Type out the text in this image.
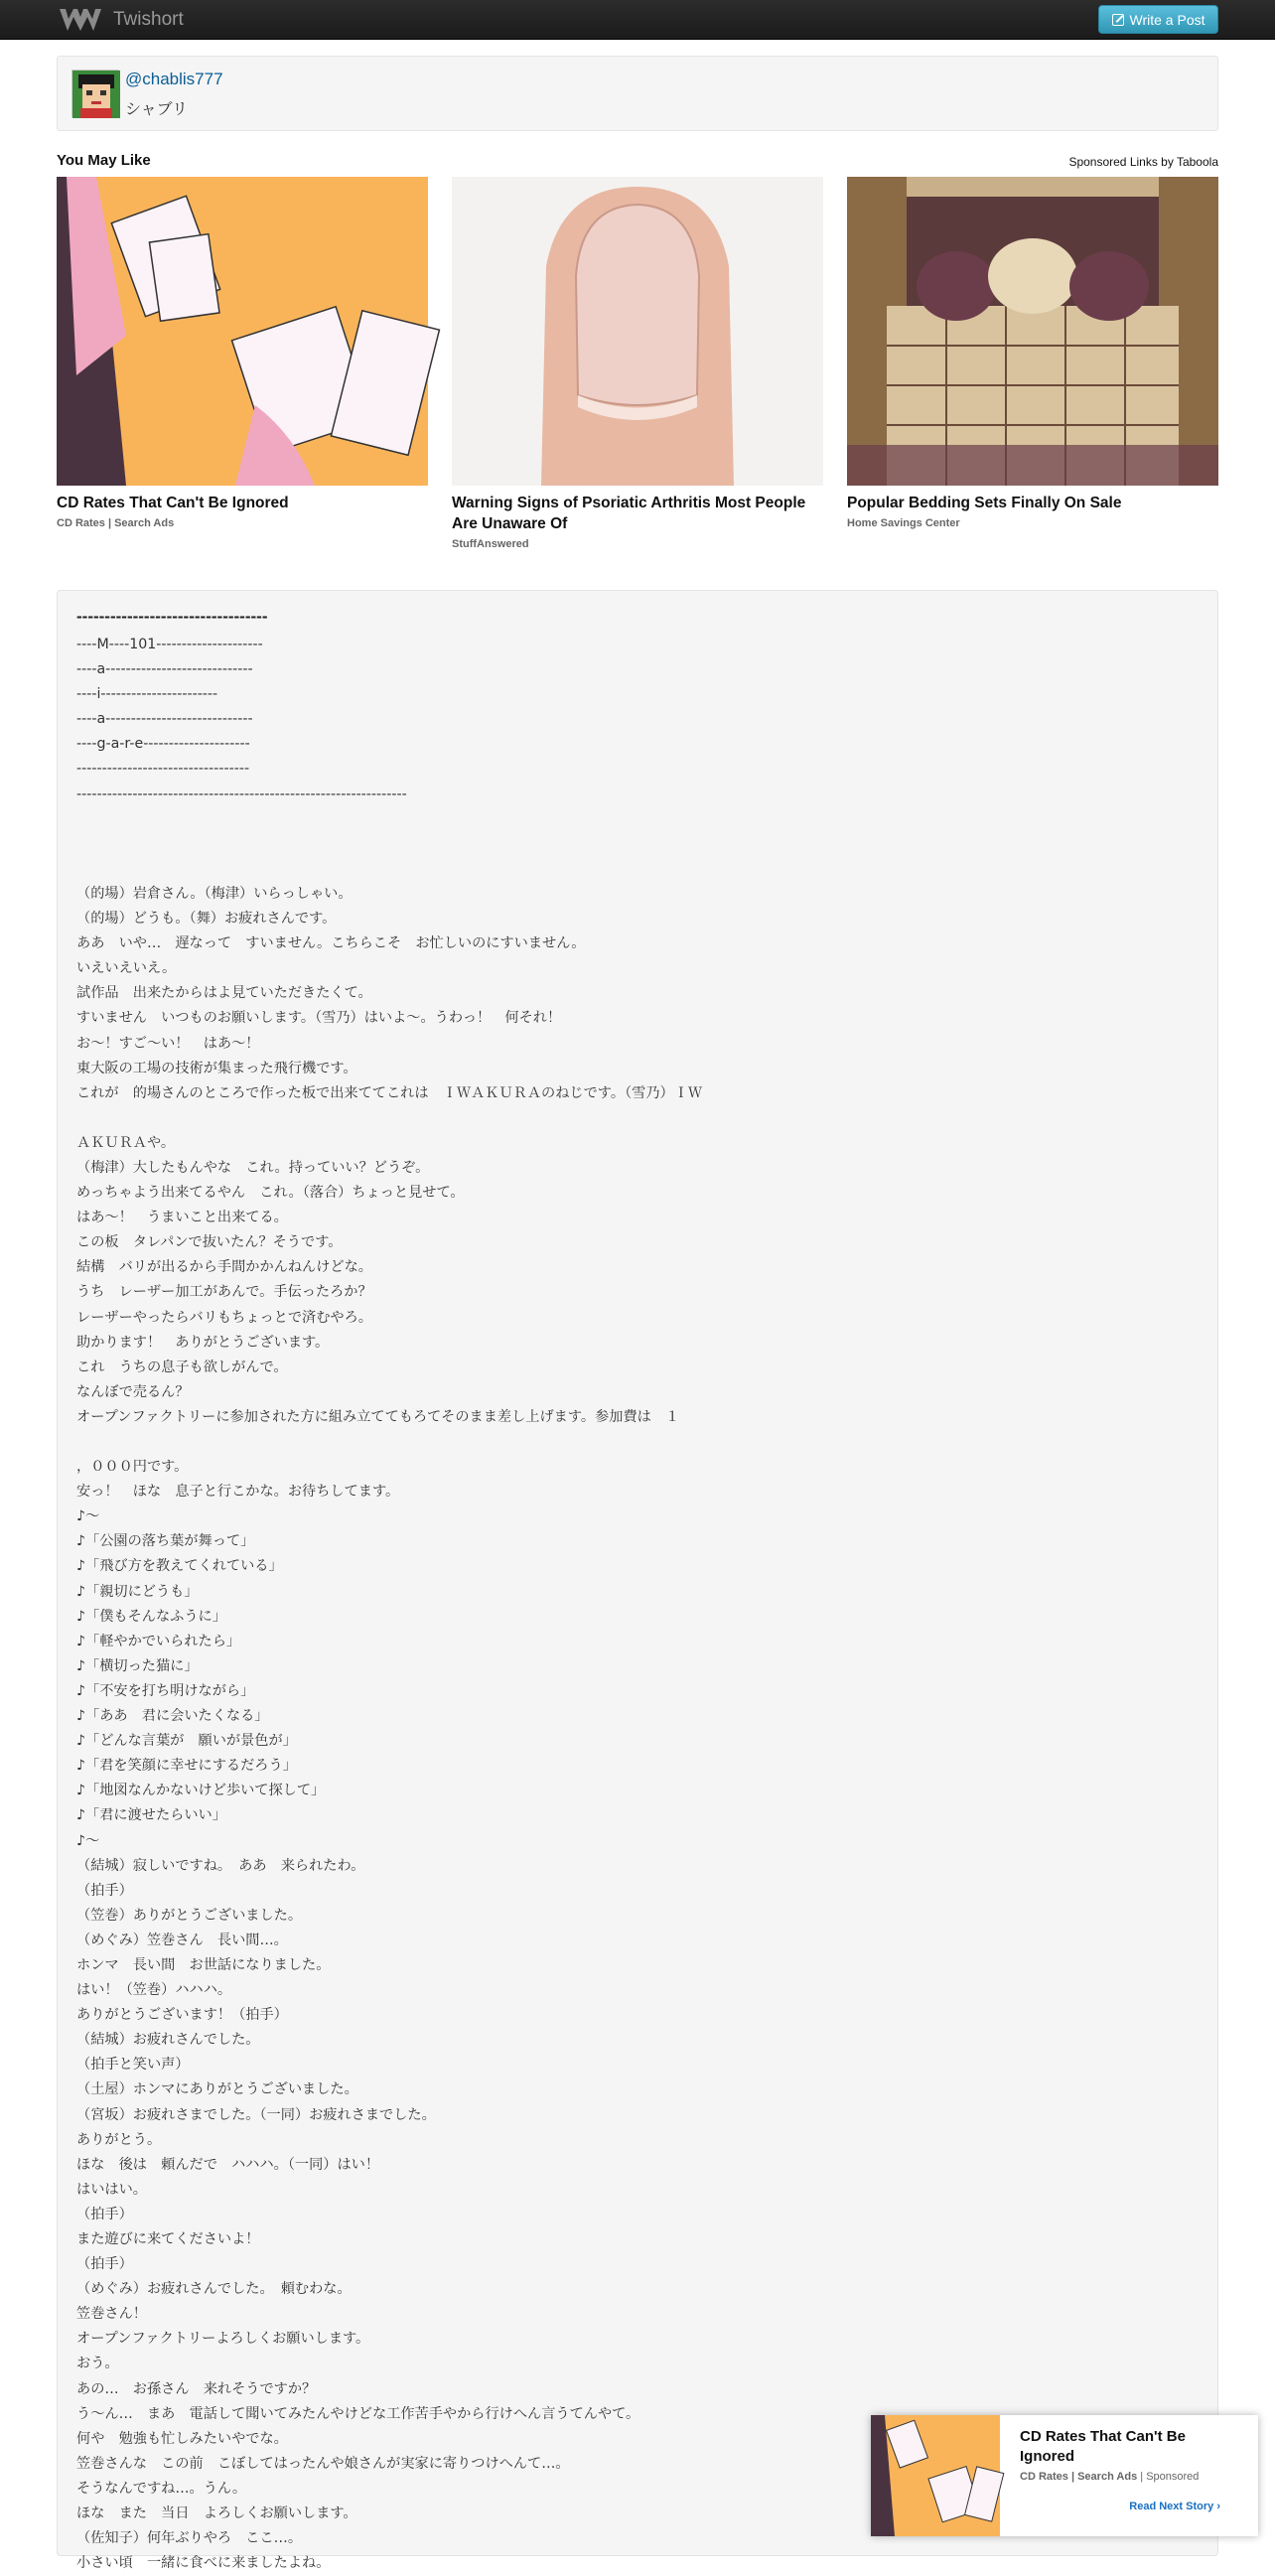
Twishort	Write a Post
@chablis777
シャブリ
You May Like	Sponsored Links by Taboola
CD Rates That Can't Be Ignored
CD Rates | Search Ads
Warning Signs of Psoriatic Arthritis Most People Are Unaware Of
StuffAnswered
Popular Bedding Sets Finally On Sale
Home Savings Center
----------------------------------
----M----101---------------------
----a-----------------------------
----i-----------------------
----a-----------------------------
----g-a-r-e---------------------
----------------------------------
-----------------------------------------------------------------
（的場）岩倉さん。（梅津）いらっしゃい。
（的場）どうも。（舞）お疲れさんです。
ああ　いや…　遅なって　すいません。こちらこそ　お忙しいのにすいません。
いえいえいえ。
試作品　出来たからはよ見ていただきたくて。
すいません　いつものお願いします。（雪乃）はいよ～。うわっ！　何それ！
お～！すご～い！　はあ～！
東大阪の工場の技術が集まった飛行機です。
これが　的場さんのところで作った板で出来ててこれは　ＩＷＡＫＵＲＡのねじです。（雪乃）ＩＷ
ＡＫＵＲＡや。
（梅津）大したもんやな　これ。持っていい？どうぞ。
めっちゃよう出来てるやん　これ。（落合）ちょっと見せて。
はあ～！　うまいこと出来てる。
この板　タレパンで抜いたん？そうです。
結構　バリが出るから手間かかんねんけどな。
うち　レーザー加工があんで。手伝ったろか？
レーザーやったらバリもちょっとで済むやろ。
助かります！　ありがとうございます。
これ　うちの息子も欲しがんで。
なんぼで売るん？
オープンファクトリーに参加された方に組み立ててもろてそのまま差し上げます。参加費は　１
，０００円です。
安っ！　ほな　息子と行こかな。お待ちしてます。
♪～
♪「公園の落ち葉が舞って」
♪「飛び方を教えてくれている」
♪「親切にどうも」
♪「僕もそんなふうに」
♪「軽やかでいられたら」
♪「横切った猫に」
♪「不安を打ち明けながら」
♪「ああ　君に会いたくなる」
♪「どんな言葉が　願いが景色が」
♪「君を笑顔に幸せにするだろう」
♪「地図なんかないけど歩いて探して」
♪「君に渡せたらいい」
♪～
（結城）寂しいですね。　ああ　来られたわ。
（拍手）
（笠巻）ありがとうございました。
（めぐみ）笠巻さん　長い間…。
ホンマ　長い間　お世話になりました。
はい！（笠巻）ハハハ。
ありがとうございます！（拍手）
（結城）お疲れさんでした。
（拍手と笑い声）
（土屋）ホンマにありがとうございました。
（宮坂）お疲れさまでした。（一同）お疲れさまでした。
ありがとう。
ほな　後は　頼んだで　ハハハ。（一同）はい！
はいはい。
（拍手）
また遊びに来てくださいよ！
（拍手）
（めぐみ）お疲れさんでした。　頼むわな。
笠巻さん！
オープンファクトリーよろしくお願いします。
おう。
あの…　お孫さん　来れそうですか？
う～ん…　まあ　電話して聞いてみたんやけどな工作苦手やから行けへん言うてんやて。
何や　勉強も忙しみたいやでな。
笠巻さんな　この前　こぼしてはったんや娘さんが実家に寄りつけへんて…。
そうなんですね…。うん。
ほな　また　当日　よろしくお願いします。
（佐知子）何年ぶりやろ　ここ…。
小さい頃　一緒に食べに来ましたよね。
CD Rates That Can't Be Ignored
CD Rates | Search Ads | Sponsored
Read Next Story ›
